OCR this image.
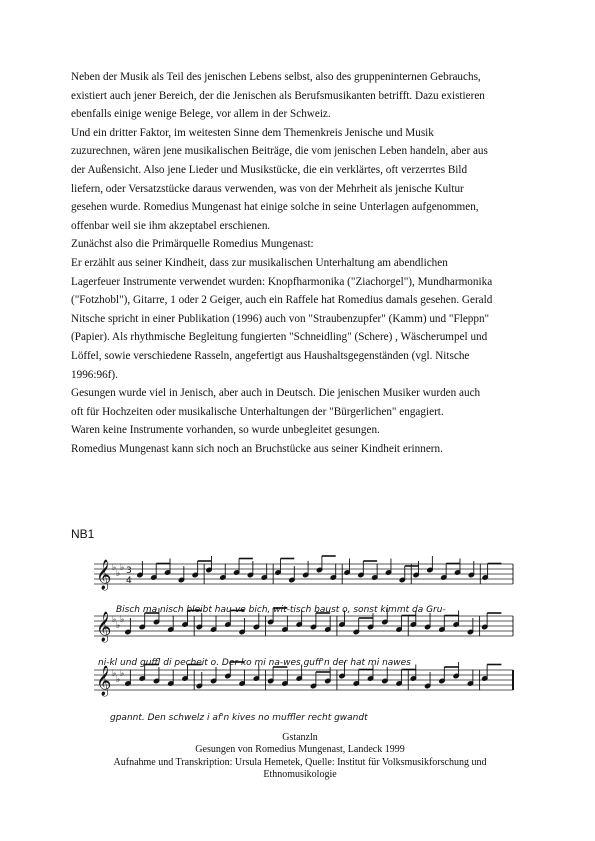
Neben der Musik als Teil des jenischen Lebens selbst, also des gruppeninternen Gebrauchs,

existiert auch jener Bereich, der die Jenischen als Berufsmusikanten betrifft. Dazu existieren

ebenfalls einige wenige Belege, vor allem in der Schweiz.

Und ein dritter Faktor, im weitesten Sinne dem Themenkreis Jenische und Musik

zuzurechnen, wären jene musikalischen Beiträge, die vom jenischen Leben handeln, aber aus

der Außensicht. Also jene Lieder und Musikstücke, die ein verklärtes, oft verzerrtes Bild

liefern, oder Versatzstücke daraus verwenden, was von der Mehrheit als jenische Kultur

gesehen wurde. Romedius Mungenast hat einige solche in seine Unterlagen aufgenommen,

offenbar weil sie ihm akzeptabel erschienen.

Zunächst also die Primärquelle Romedius Mungenast:

Er erzählt aus seiner Kindheit, dass zur musikalischen Unterhaltung am abendlichen

Lagerfeuer Instrumente verwendet wurden: Knopfharmonika ("Ziachorgel"), Mundharmonika

("Fotzhobl"), Gitarre, 1 oder 2 Geiger, auch ein Raffele hat Romedius damals gesehen. Gerald

Nitsche spricht in einer Publikation (1996) auch von "Straubenzupfer" (Kamm) und "Fleppn"

(Papier). Als rhythmische Begleitung fungierten "Schneidling" (Schere) , Wäscherumpel und

Löffel, sowie verschiedene Rasseln, angefertigt aus Haushaltsgegenständen (vgl. Nitsche

1996:96f).

Gesungen wurde viel in Jenisch, aber auch in Deutsch. Die jenischen Musiker wurden auch

oft für Hochzeiten oder musikalische Unterhaltungen der "Bürgerlichen" engagiert.

Waren keine Instrumente vorhanden, so wurde unbegleitet gesungen.

Romedius Mungenast kann sich noch an Bruchstücke aus seiner Kindheit erinnern.

NB1
𝄞 ♭
♭
♭ 3
4
𝄞 ♭
♭
♭
𝄞 ♭
♭
♭
Bisch ma nisch bleibt hau-ve bich, wit-tisch baust o, sonst kimmt da Gru-
ni-kl und guffl di pecheit o. Der ko mi na-wes guff'n der hat mi nawes
gpannt. Den schwelz i af'n kives no muffler recht gwandt
Gstanzln
Gesungen von Romedius Mungenast, Landeck 1999
Aufnahme und Transkription: Ursula Hemetek, Quelle: Institut für Volksmusikforschung und Ethnomusikologie
